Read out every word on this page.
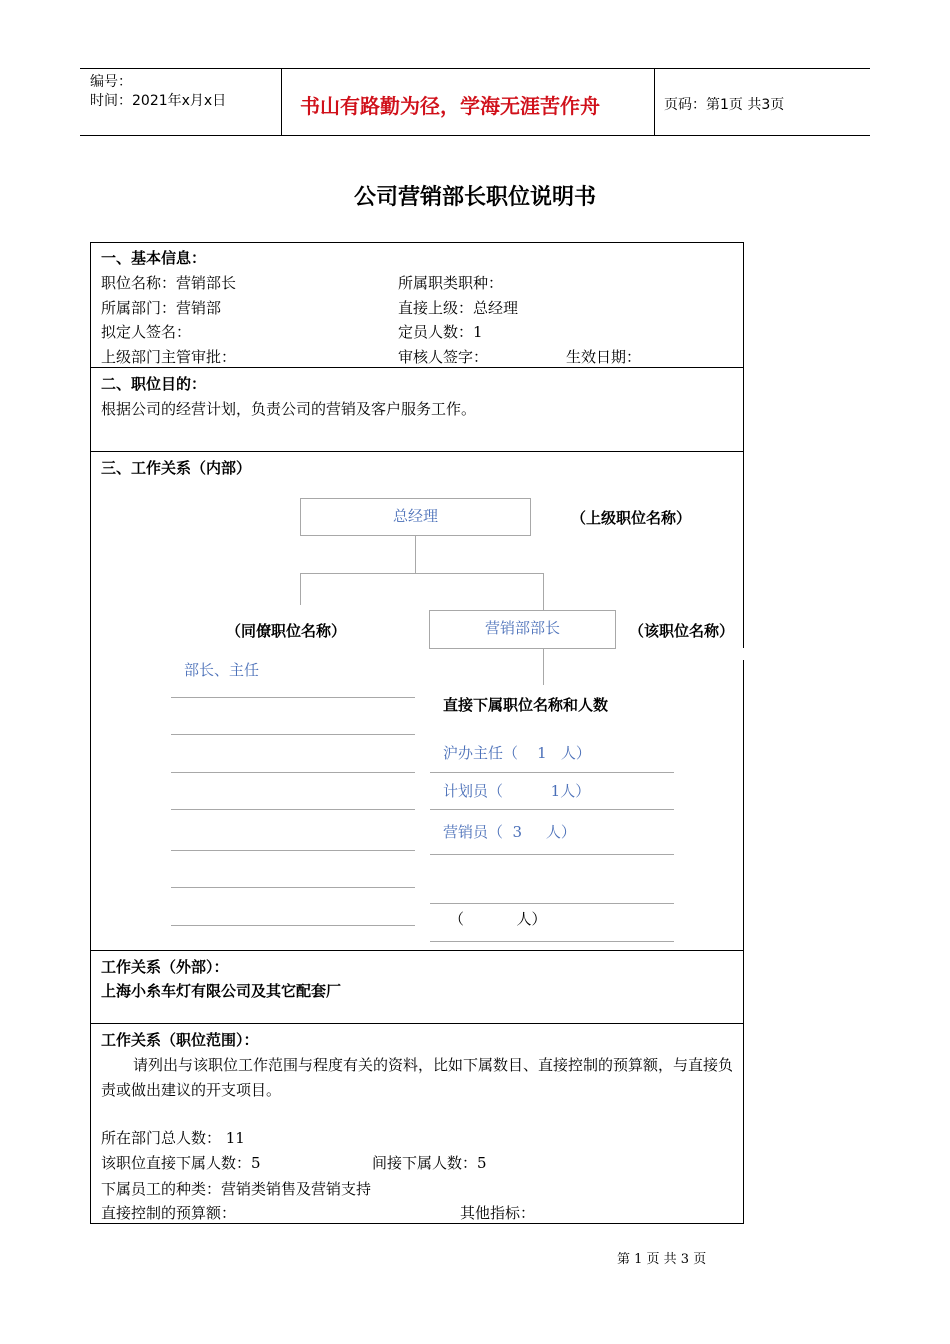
编号：
时间：2021年x月x日	书山有路勤为径，学海无涯苦作舟	页码：第1页 共3页
公司营销部长职位说明书
一、基本信息：
职位名称：营销部长	所属职类职种：
所属部门：营销部	直接上级：总经理
拟定人签名：	定员人数：1
上级部门主管审批：	审核人签字：	生效日期：
二、职位目的：
根据公司的经营计划，负责公司的营销及客户服务工作。
三、工作关系（内部）
总经理	（上级职位名称）
（同僚职位名称）	营销部部长	（该职位名称）
部长、主任
直接下属职位名称和人数
沪办主任（    1   人）
计划员（          1人）
营销员（  3     人）
（           人）
工作关系（外部）：
上海小糸车灯有限公司及其它配套厂
工作关系（职位范围）：
请列出与该职位工作范围与程度有关的资料，比如下属数目、直接控制的预算额，与直接负责或做出建议的开支项目。
所在部门总人数： 11
该职位直接下属人数：5	间接下属人数：5
下属员工的种类：营销类销售及营销支持
直接控制的预算额：	其他指标：
第 1 页 共 3 页
